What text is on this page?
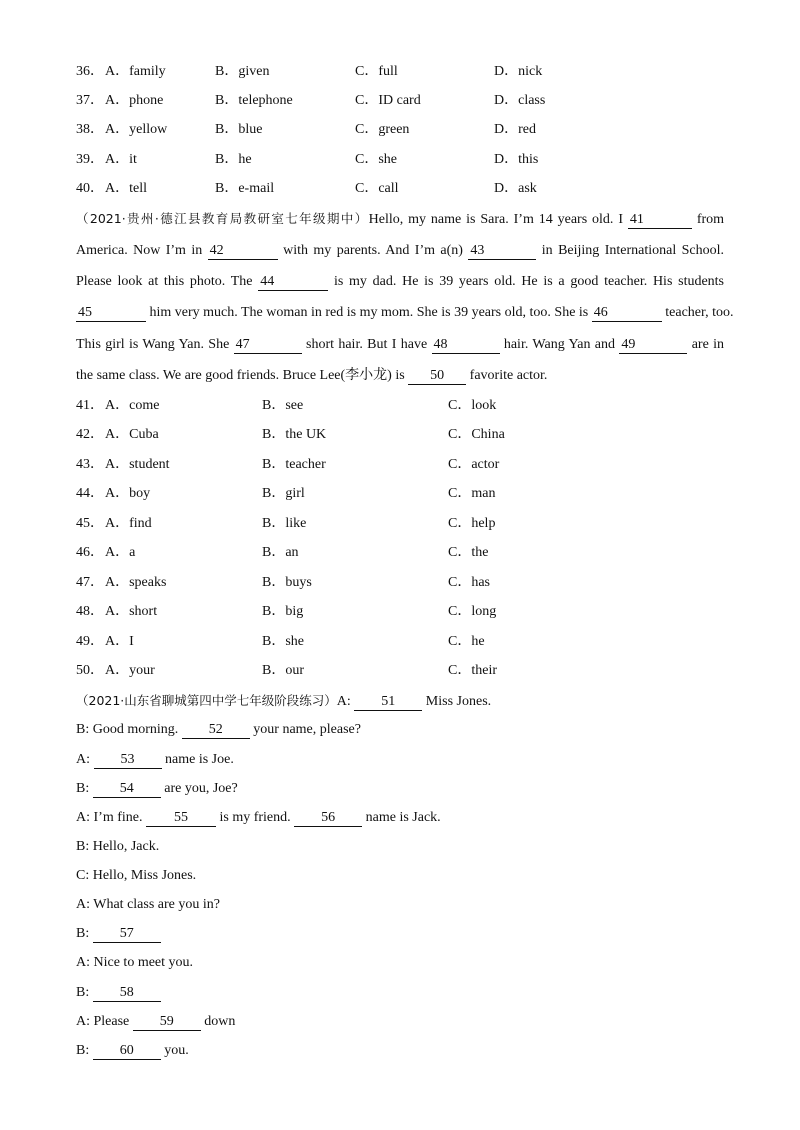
36． A．family	B．given	C．full	D．nick
37． A．phone	B．telephone	C．ID card	D．class
38． A．yellow	B．blue	C．green	D．red
39． A．it	B．he	C．she	D．this
40． A．tell	B．e-mail	C．call	D．ask
（2021·贵州·德江县教育局教研室七年级期中）Hello, my name is Sara. I’m 14 years old. I 41	from
America. Now I’m in 42	with my parents. And I’m a(n) 43	in Beijing International School.
Please look at this photo. The 44	is my dad. He is 39 years old. He is a good teacher. His students
45	him very much. The woman in red is my mom. She is 39 years old, too. She is 46	teacher, too.
This girl is Wang Yan. She 47	short hair. But I have 48	hair. Wang Yan and 49	are in
the same class. We are good friends. Bruce Lee(李小龙) is 50 favorite actor.
41． A．come	B．see	C．look
42． A．Cuba	B．the UK	C．China
43． A．student	B．teacher	C．actor
44． A．boy	B．girl	C．man
45． A．find	B．like	C．help
46． A．a	B．an	C．the
47． A．speaks	B．buys	C．has
48． A．short	B．big	C．long
49． A．I	B．she	C．he
50． A．your	B．our	C．their
（2021·山东省聊城第四中学七年级阶段练习）A: 51 Miss Jones.
B: Good morning. 52 your name, please?
A: 53 name is Joe.
B: 54 are you, Joe?
A: I’m fine. 55 is my friend. 56 name is Jack.
B: Hello, Jack.
C: Hello, Miss Jones.
A: What class are you in?
B: 57
A: Nice to meet you.
B: 58
A: Please 59 down
B: 60 you.
